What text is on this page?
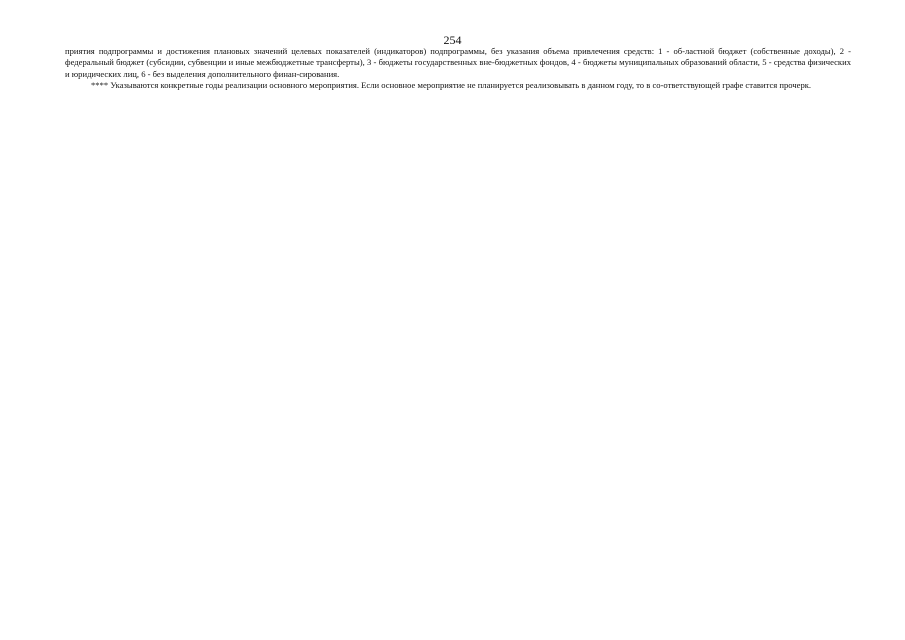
254

приятия подпрограммы и достижения плановых значений целевых показателей (индикаторов) подпрограммы, без указания объема привлечения средств: 1 - об-ластной бюджет (собственные доходы), 2 - федеральный бюджет (субсидии, субвенции и иные межбюджетные трансферты), 3 - бюджеты государственных вне-бюджетных фондов, 4 - бюджеты муниципальных образований области, 5 - средства физических и юридических лиц, 6 - без выделения дополнительного финан-сирования.

**** Указываются конкретные годы реализации основного мероприятия. Если основное мероприятие не планируется реализовывать в данном году, то в со-ответствующей графе ставится прочерк.
